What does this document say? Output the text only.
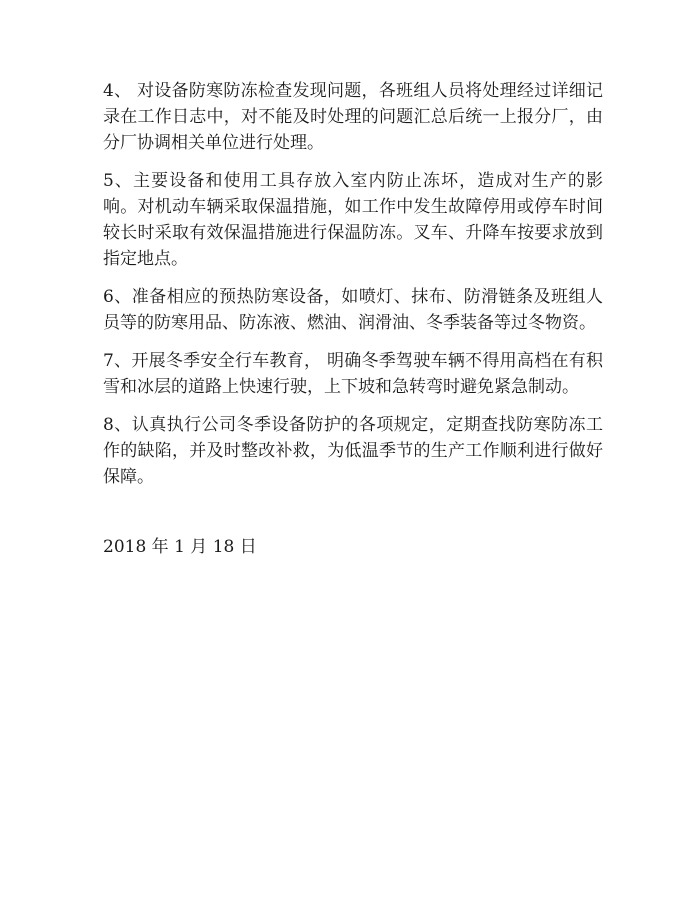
4、 对设备防寒防冻检查发现问题，各班组人员将处理经过详细记录在工作日志中，对不能及时处理的问题汇总后统一上报分厂，由分厂协调相关单位进行处理。

5、主要设备和使用工具存放入室内防止冻坏，造成对生产的影响。对机动车辆采取保温措施，如工作中发生故障停用或停车时间较长时采取有效保温措施进行保温防冻。叉车、升降车按要求放到指定地点。

6、准备相应的预热防寒设备，如喷灯、抹布、防滑链条及班组人员等的防寒用品、防冻液、燃油、润滑油、冬季装备等过冬物资。

7、开展冬季安全行车教育， 明确冬季驾驶车辆不得用高档在有积雪和冰层的道路上快速行驶，上下坡和急转弯时避免紧急制动。

8、认真执行公司冬季设备防护的各项规定，定期查找防寒防冻工作的缺陷，并及时整改补救，为低温季节的生产工作顺利进行做好保障。

2018 年 1 月 18 日
